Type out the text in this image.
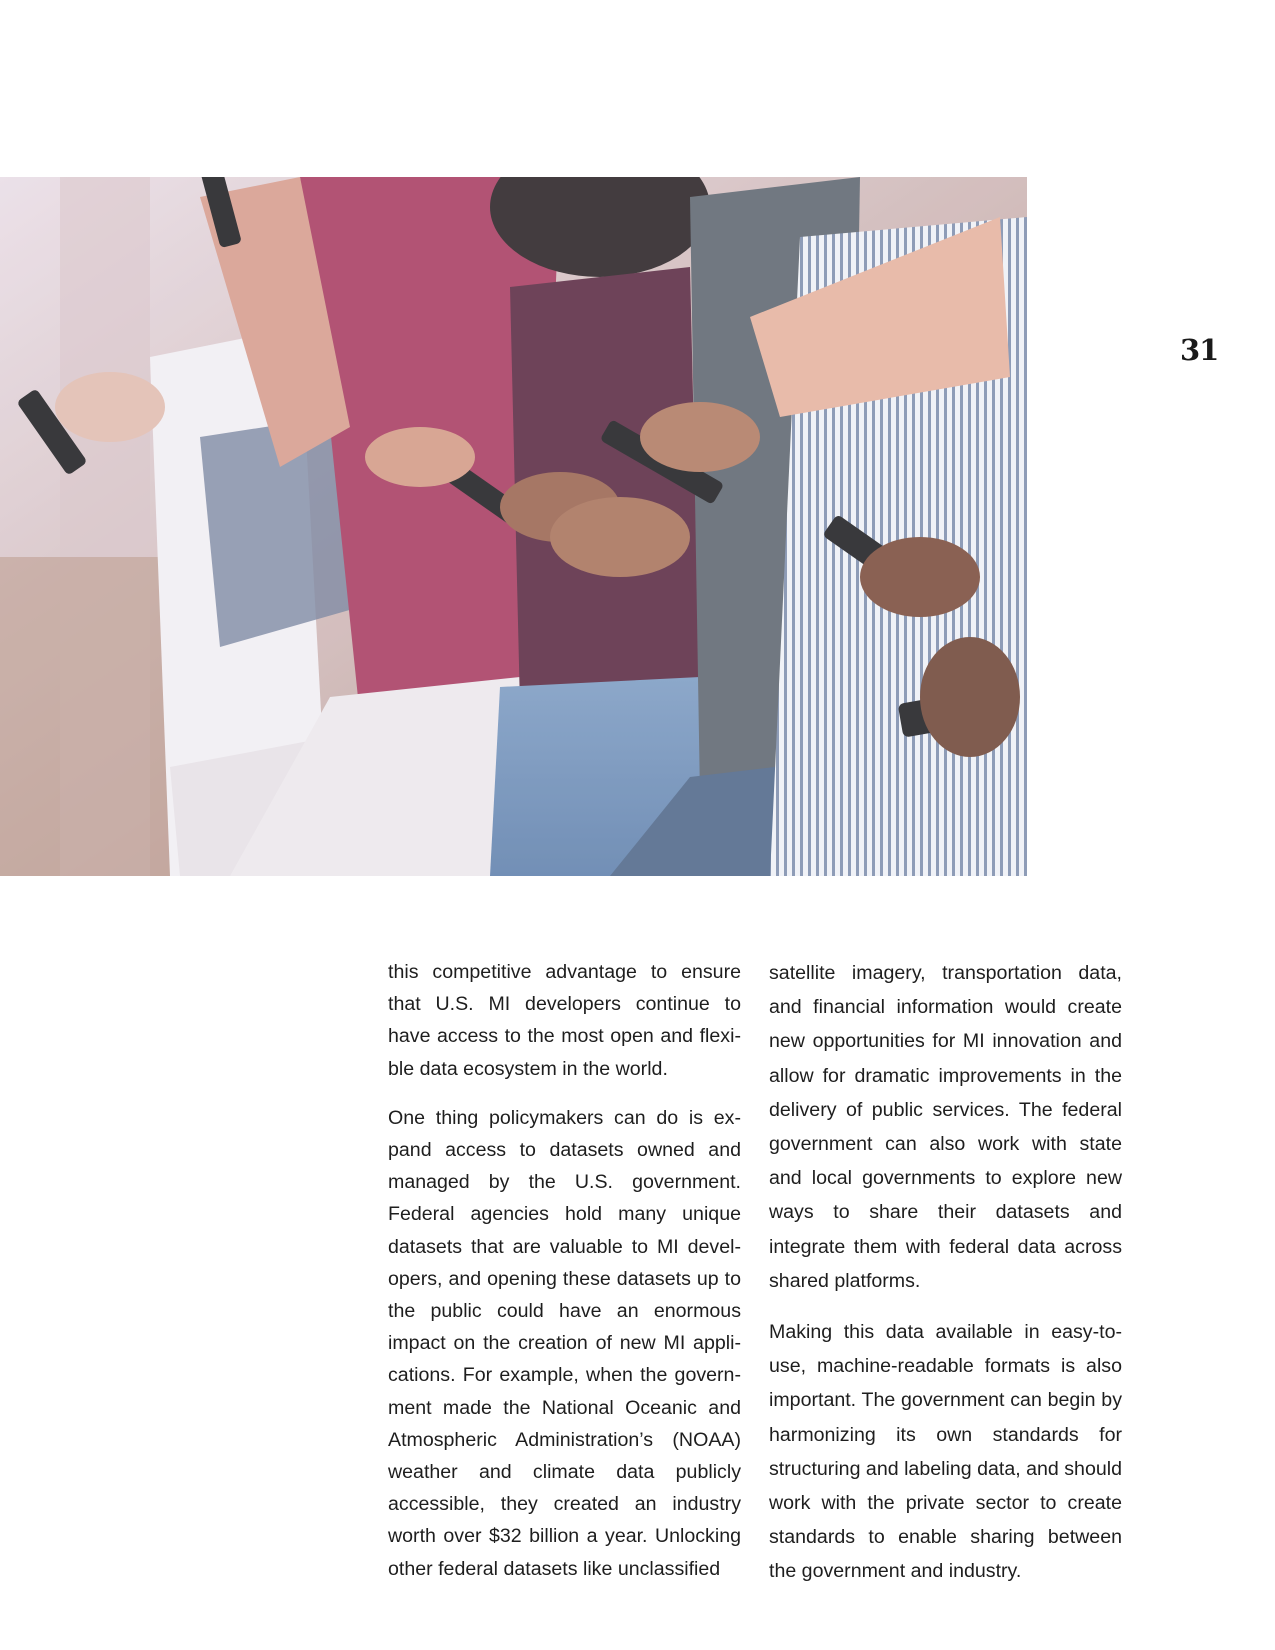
31

this competitive advantage to ensure that U.S. MI developers continue to have access to the most open and flexible data ecosystem in the world.

One thing policymakers can do is expand access to datasets owned and managed by the U.S. government. Federal agencies hold many unique datasets that are valuable to MI developers, and opening these datasets up to the public could have an enormous impact on the creation of new MI applications. For example, when the government made the National Oceanic and Atmospheric Administration’s (NOAA) weather and climate data publicly accessible, they created an industry worth over $32 billion a year. Unlocking other federal datasets like unclassified

satellite imagery, transportation data, and financial information would create new opportunities for MI innovation and allow for dramatic improvements in the delivery of public services. The federal government can also work with state and local governments to explore new ways to share their datasets and integrate them with federal data across shared platforms.

Making this data available in easy-to-use, machine-readable formats is also important. The government can begin by harmonizing its own standards for structuring and labeling data, and should work with the private sector to create standards to enable sharing between the government and industry.
